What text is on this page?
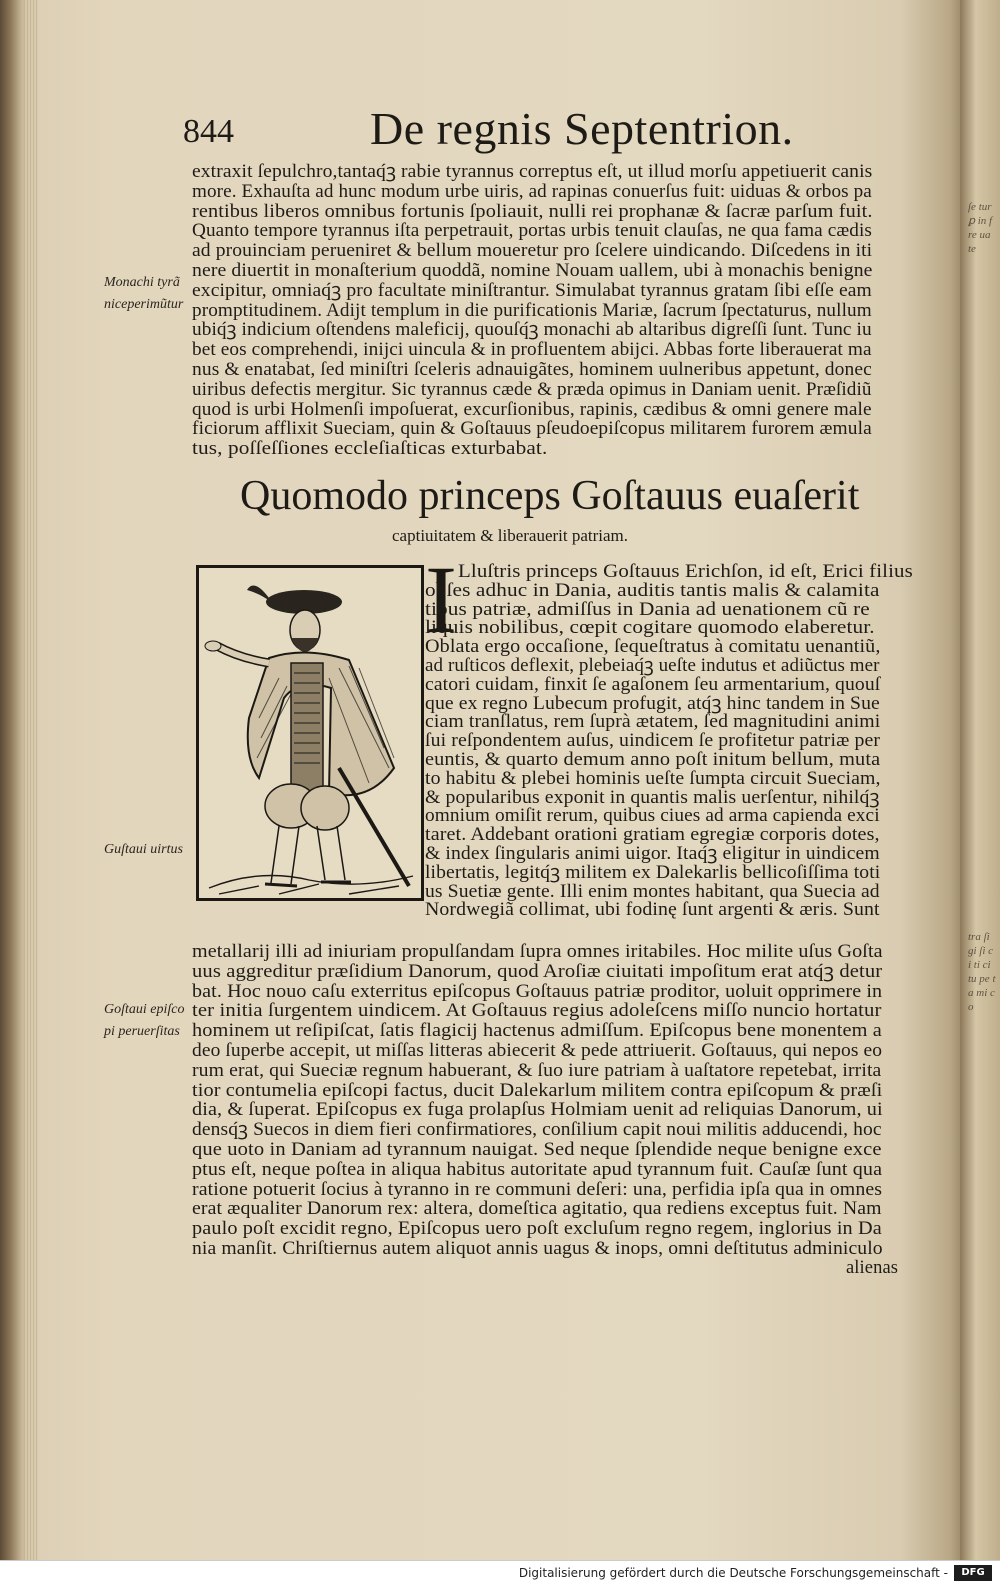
ſe tur ꝑ in fre ua te
tra ſi gi ſi ci ti ci tu pe ta mi co
844	De regnis Septentrion.
extraxit ſepulchro,tantaq́ꝫ rabie tyrannus correptus eſt, ut illud morſu appetiuerit canis
more. Exhauſta ad hunc modum urbe uiris, ad rapinas conuerſus fuit: uiduas & orbos pa
rentibus liberos omnibus fortunis ſpoliauit, nulli rei prophanæ & ſacræ parſum fuit.
Quanto tempore tyrannus iſta perpetrauit, portas urbis tenuit clauſas, ne qua fama cædis
ad prouinciam perueniret & bellum moueretur pro ſcelere uindicando. Diſcedens in iti
nere diuertit in monaſterium quoddã, nomine Nouam uallem, ubi à monachis benigne
excipitur, omniaq́ꝫ pro facultate miniſtrantur. Simulabat tyrannus gratam ſibi eſſe eam
promptitudinem. Adijt templum in die purificationis Mariæ, ſacrum ſpectaturus, nullum
ubiq́ꝫ indicium oſtendens maleficij, quouſq́ꝫ monachi ab altaribus digreſſi ſunt. Tunc iu
bet eos comprehendi, inijci uincula & in profluentem abijci. Abbas forte liberauerat ma
nus & enatabat, ſed miniſtri ſceleris adnauigãtes, hominem uulneribus appetunt, donec
uiribus defectis mergitur. Sic tyrannus cæde & præda opimus in Daniam uenit. Præſidiũ
quod is urbi Holmenſi impoſuerat, excurſionibus, rapinis, cædibus & omni genere male
ficiorum afflixit Sueciam, quin & Goſtauus pſeudoepiſcopus militarem furorem æmula
tus, poſſeſſiones eccleſiaſticas exturbabat.
Monachi tyrã
niceperimũtur
Quomodo princeps Goſtauus euaſerit
captiuitatem & liberauerit patriam.
I Lluſtris princeps Goſtauus Erichſon, id eſt, Erici filius
obſes adhuc in Dania, auditis tantis malis & calamita
tibus patriæ, admiſſus in Dania ad uenationem cũ re
liquis nobilibus, cœpit cogitare quomodo elaberetur.
Oblata ergo occaſione, ſequeſtratus à comitatu uenantiũ,
ad ruſticos deflexit, plebeiaq́ꝫ ueſte indutus et adiũctus mer
catori cuidam, finxit ſe agaſonem ſeu armentarium, quouſ
que ex regno Lubecum profugit, atq́ꝫ hinc tandem in Sue
ciam tranſlatus, rem ſuprà ætatem, ſed magnitudini animi
ſui reſpondentem auſus, uindicem ſe profitetur patriæ per
euntis, & quarto demum anno poſt initum bellum, muta
to habitu & plebei hominis ueſte ſumpta circuit Sueciam,
& popularibus exponit in quantis malis uerſentur, nihilq́ꝫ
omnium omiſit rerum, quibus ciues ad arma capienda exci
taret. Addebant orationi gratiam egregiæ corporis dotes,
& index ſingularis animi uigor. Itaq́ꝫ eligitur in uindicem
libertatis, legitq́ꝫ militem ex Dalekarlis bellicoſiſſima toti
us Suetiæ gente. Illi enim montes habitant, qua Suecia ad
Nordwegiã collimat, ubi fodinę ſunt argenti & æris. Sunt
Guſtaui uirtus
metallarij illi ad iniuriam propulſandam ſupra omnes iritabiles. Hoc milite uſus Goſta
uus aggreditur præſidium Danorum, quod Aroſiæ ciuitati impoſitum erat atq́ꝫ detur
bat. Hoc nouo caſu exterritus epiſcopus Goſtauus patriæ proditor, uoluit opprimere in
ter initia ſurgentem uindicem. At Goſtauus regius adoleſcens miſſo nuncio hortatur
hominem ut reſipiſcat, ſatis flagicij hactenus admiſſum. Epiſcopus bene monentem a
deo ſuperbe accepit, ut miſſas litteras abiecerit & pede attriuerit. Goſtauus, qui nepos eo
rum erat, qui Sueciæ regnum habuerant, & ſuo iure patriam à uaſtatore repetebat, irrita
tior contumelia epiſcopi factus, ducit Dalekarlum militem contra epiſcopum & præſi
dia, & ſuperat. Epiſcopus ex fuga prolapſus Holmiam uenit ad reliquias Danorum, ui
densq́ꝫ Suecos in diem fieri confirmatiores, conſilium capit noui militis adducendi, hoc
que uoto in Daniam ad tyrannum nauigat. Sed neque ſplendide neque benigne exce
ptus eſt, neque poſtea in aliqua habitus autoritate apud tyrannum fuit. Cauſæ ſunt qua
ratione potuerit ſocius à tyranno in re communi deſeri: una, perfidia ipſa qua in omnes
erat æqualiter Danorum rex: altera, domeſtica agitatio, qua rediens exceptus fuit. Nam
paulo poſt excidit regno, Epiſcopus uero poſt excluſum regno regem, inglorius in Da
nia manſit. Chriſtiernus autem aliquot annis uagus & inops, omni deſtitutus adminiculo
Goſtaui epiſco
pi peruerſitas
alienas
Digitalisierung gefördert durch die Deutsche Forschungsgemeinschaft -	DFG
